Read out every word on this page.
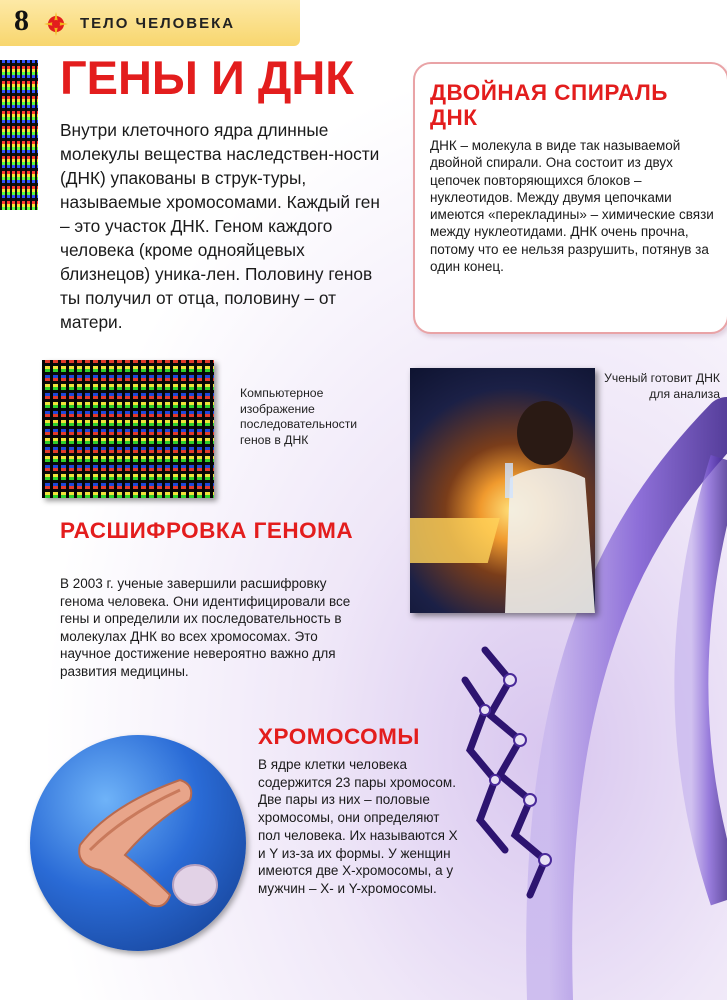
8	ТЕЛО ЧЕЛОВЕКА
ГЕНЫ И ДНК
Внутри клеточного ядра длинные молекулы вещества наследствен-ности (ДНК) упакованы в струк-туры, называемые хромосомами. Каждый ген – это участок ДНК. Геном каждого человека (кроме однояйцевых близнецов) уника-лен. Половину генов ты получил от отца, половину – от матери.
ДВОЙНАЯ СПИРАЛЬ ДНК
ДНК – молекула в виде так называемой двойной спирали. Она состоит из двух цепочек повторяющихся блоков – нуклеотидов. Между двумя цепочками имеются «перекладины» – химические связи между нуклеотидами. ДНК очень прочна, потому что ее нельзя разрушить, потянув за один конец.
Компьютерное изображение последовательности генов в ДНК
Ученый готовит ДНК для анализа
РАСШИФРОВКА ГЕНОМА
В 2003 г. ученые завершили расшифровку генома человека. Они идентифицировали все гены и определили их последовательность в молекулах ДНК во всех хромосомах. Это научное достижение невероятно важно для развития медицины.
ХРОМОСОМЫ
В ядре клетки человека содержится 23 пары хромосом. Две пары из них – половые хромосомы, они определяют пол человека. Их называются X и Y из-за их формы. У женщин имеются две X-хромосомы, а у мужчин – X- и Y-хромосомы.
